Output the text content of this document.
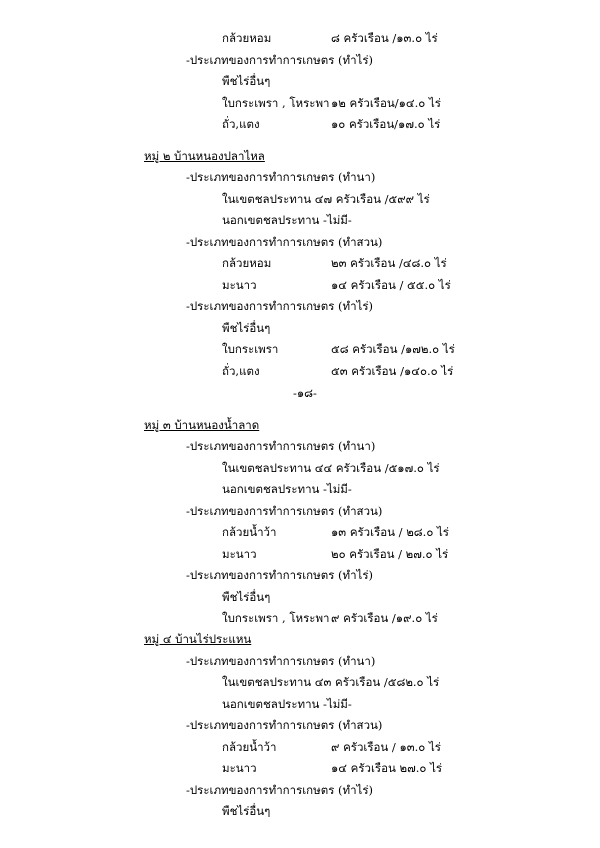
กล้วยหอม	๘ ครัวเรือน /๑๓.๐ ไร่
-ประเภทของการทำการเกษตร (ทำไร่)
พืชไร่อื่นๆ
ใบกระเพรา , โหระพา ๑๒ ครัวเรือน/๑๔.๐ ไร่
ถั่ว,แตง	๑๐ ครัวเรือน/๑๗.๐ ไร่
หมู่ ๒ บ้านหนองปลาไหล
-ประเภทของการทำการเกษตร (ทำนา)
ในเขตชลประทาน ๔๗ ครัวเรือน /๕๙๙ ไร่
นอกเขตชลประทาน -ไม่มี-
-ประเภทของการทำการเกษตร (ทำสวน)
กล้วยหอม	๒๓ ครัวเรือน /๔๘.๐ ไร่
มะนาว	๑๔ ครัวเรือน / ๕๕.๐ ไร่
-ประเภทของการทำการเกษตร (ทำไร่)
พืชไร่อื่นๆ
ใบกระเพรา	๕๘ ครัวเรือน /๑๗๒.๐ ไร่
ถั่ว,แตง	๕๓ ครัวเรือน /๑๔๐.๐ ไร่
-๑๘-
หมู่ ๓ บ้านหนองน้ำลาด
-ประเภทของการทำการเกษตร (ทำนา)
ในเขตชลประทาน ๔๔ ครัวเรือน /๕๑๗.๐ ไร่
นอกเขตชลประทาน -ไม่มี-
-ประเภทของการทำการเกษตร (ทำสวน)
กล้วยน้ำว้า	๑๓ ครัวเรือน / ๒๘.๐ ไร่
มะนาว	๒๐ ครัวเรือน / ๒๗.๐ ไร่
-ประเภทของการทำการเกษตร (ทำไร่)
พืชไร่อื่นๆ
ใบกระเพรา , โหระพา ๙ ครัวเรือน /๑๙.๐ ไร่
หมู่ ๔ บ้านไร่ประแหน
-ประเภทของการทำการเกษตร (ทำนา)
ในเขตชลประทาน ๔๓ ครัวเรือน /๕๘๒.๐ ไร่
นอกเขตชลประทาน -ไม่มี-
-ประเภทของการทำการเกษตร (ทำสวน)
กล้วยน้ำว้า	๙ ครัวเรือน / ๑๓.๐ ไร่
มะนาว	๑๔ ครัวเรือน ๒๗.๐ ไร่
-ประเภทของการทำการเกษตร (ทำไร่)
พืชไร่อื่นๆ
